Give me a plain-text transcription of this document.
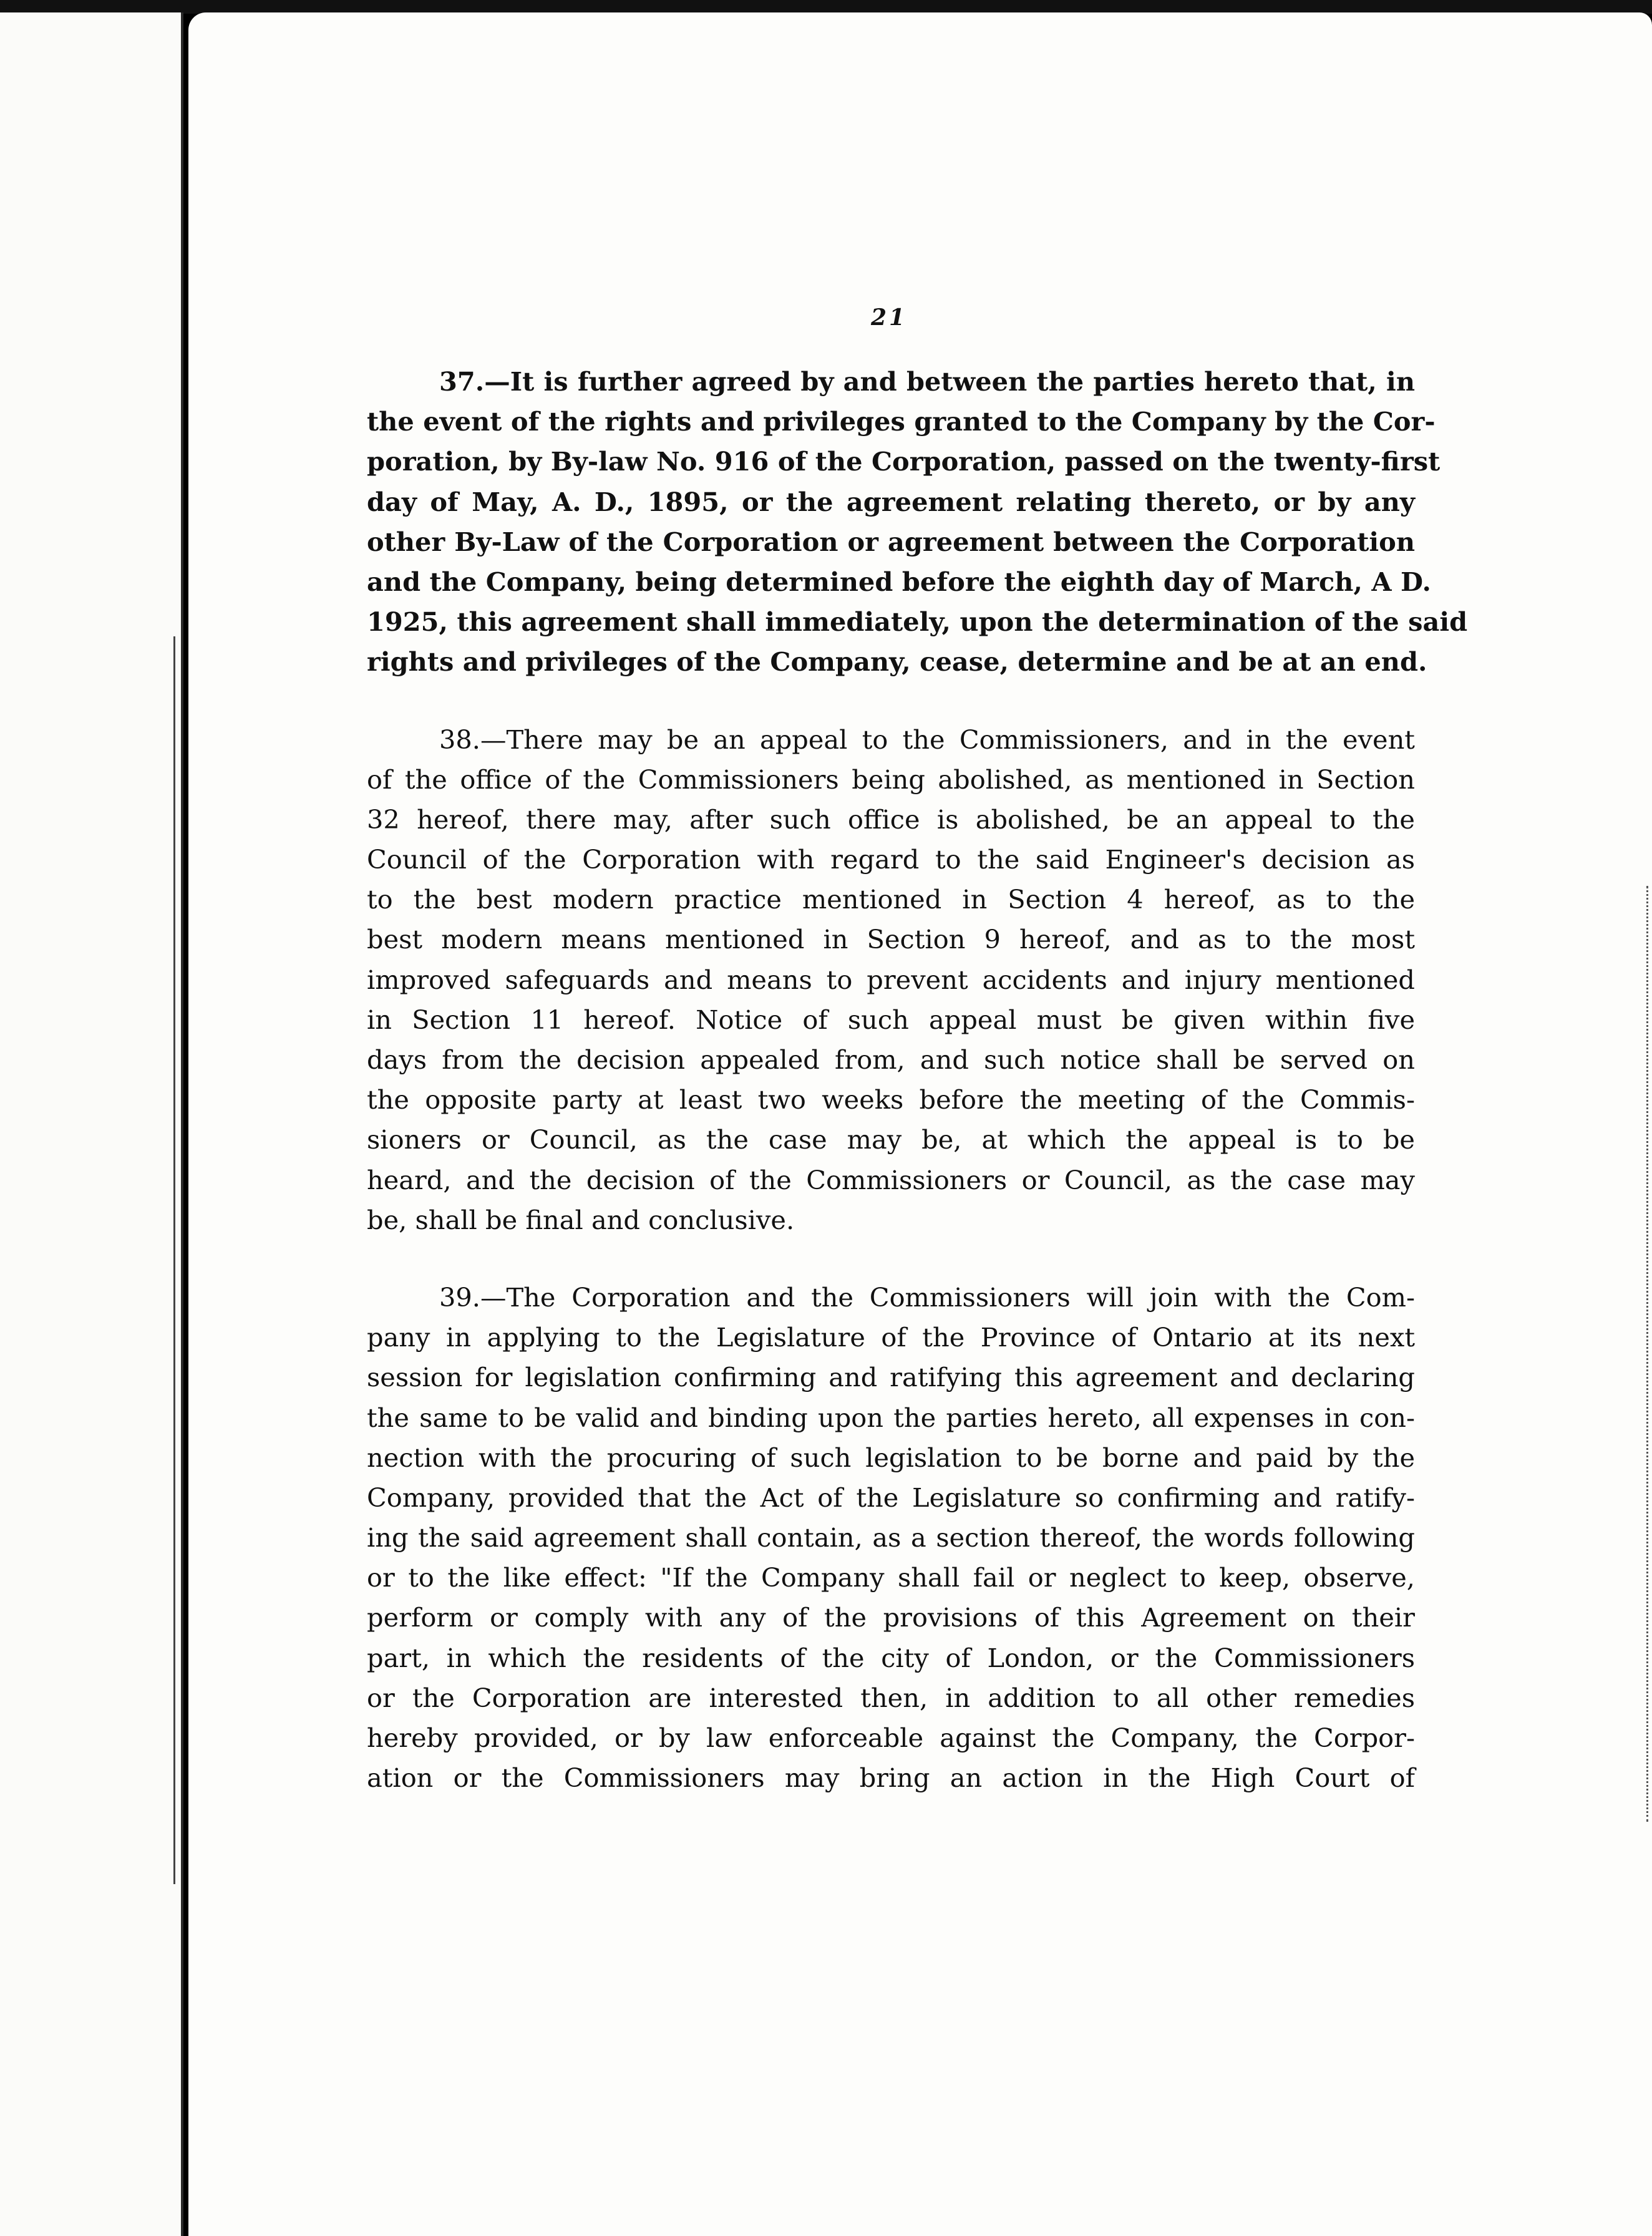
21
37.—It is further agreed by and between the parties hereto that, in
the event of the rights and privileges granted to the Company by the Cor-
poration, by By-law No. 916 of the Corporation, passed on the twenty-first
day of May, A. D., 1895, or the agreement relating thereto, or by any
other By-Law of the Corporation or agreement between the Corporation
and the Company, being determined before the eighth day of March, A D.
1925, this agreement shall immediately, upon the determination of the said
rights and privileges of the Company, cease, determine and be at an end.
38.—There may be an appeal to the Commissioners, and in the event
of the office of the Commissioners being abolished, as mentioned in Section
32 hereof, there may, after such office is abolished, be an appeal to the
Council of the Corporation with regard to the said Engineer's decision as
to the best modern practice mentioned in Section 4 hereof, as to the
best modern means mentioned in Section 9 hereof, and as to the most
improved safeguards and means to prevent accidents and injury mentioned
in Section 11 hereof. Notice of such appeal must be given within five
days from the decision appealed from, and such notice shall be served on
the opposite party at least two weeks before the meeting of the Commis-
sioners or Council, as the case may be, at which the appeal is to be
heard, and the decision of the Commissioners or Council, as the case may
be, shall be final and conclusive.
39.—The Corporation and the Commissioners will join with the Com-
pany in applying to the Legislature of the Province of Ontario at its next
session for legislation confirming and ratifying this agreement and declaring
the same to be valid and binding upon the parties hereto, all expenses in con-
nection with the procuring of such legislation to be borne and paid by the
Company, provided that the Act of the Legislature so confirming and ratify-
ing the said agreement shall contain, as a section thereof, the words following
or to the like effect: "If the Company shall fail or neglect to keep, observe,
perform or comply with any of the provisions of this Agreement on their
part, in which the residents of the city of London, or the Commissioners
or the Corporation are interested then, in addition to all other remedies
hereby provided, or by law enforceable against the Company, the Corpor-
ation or the Commissioners may bring an action in the High Court of
